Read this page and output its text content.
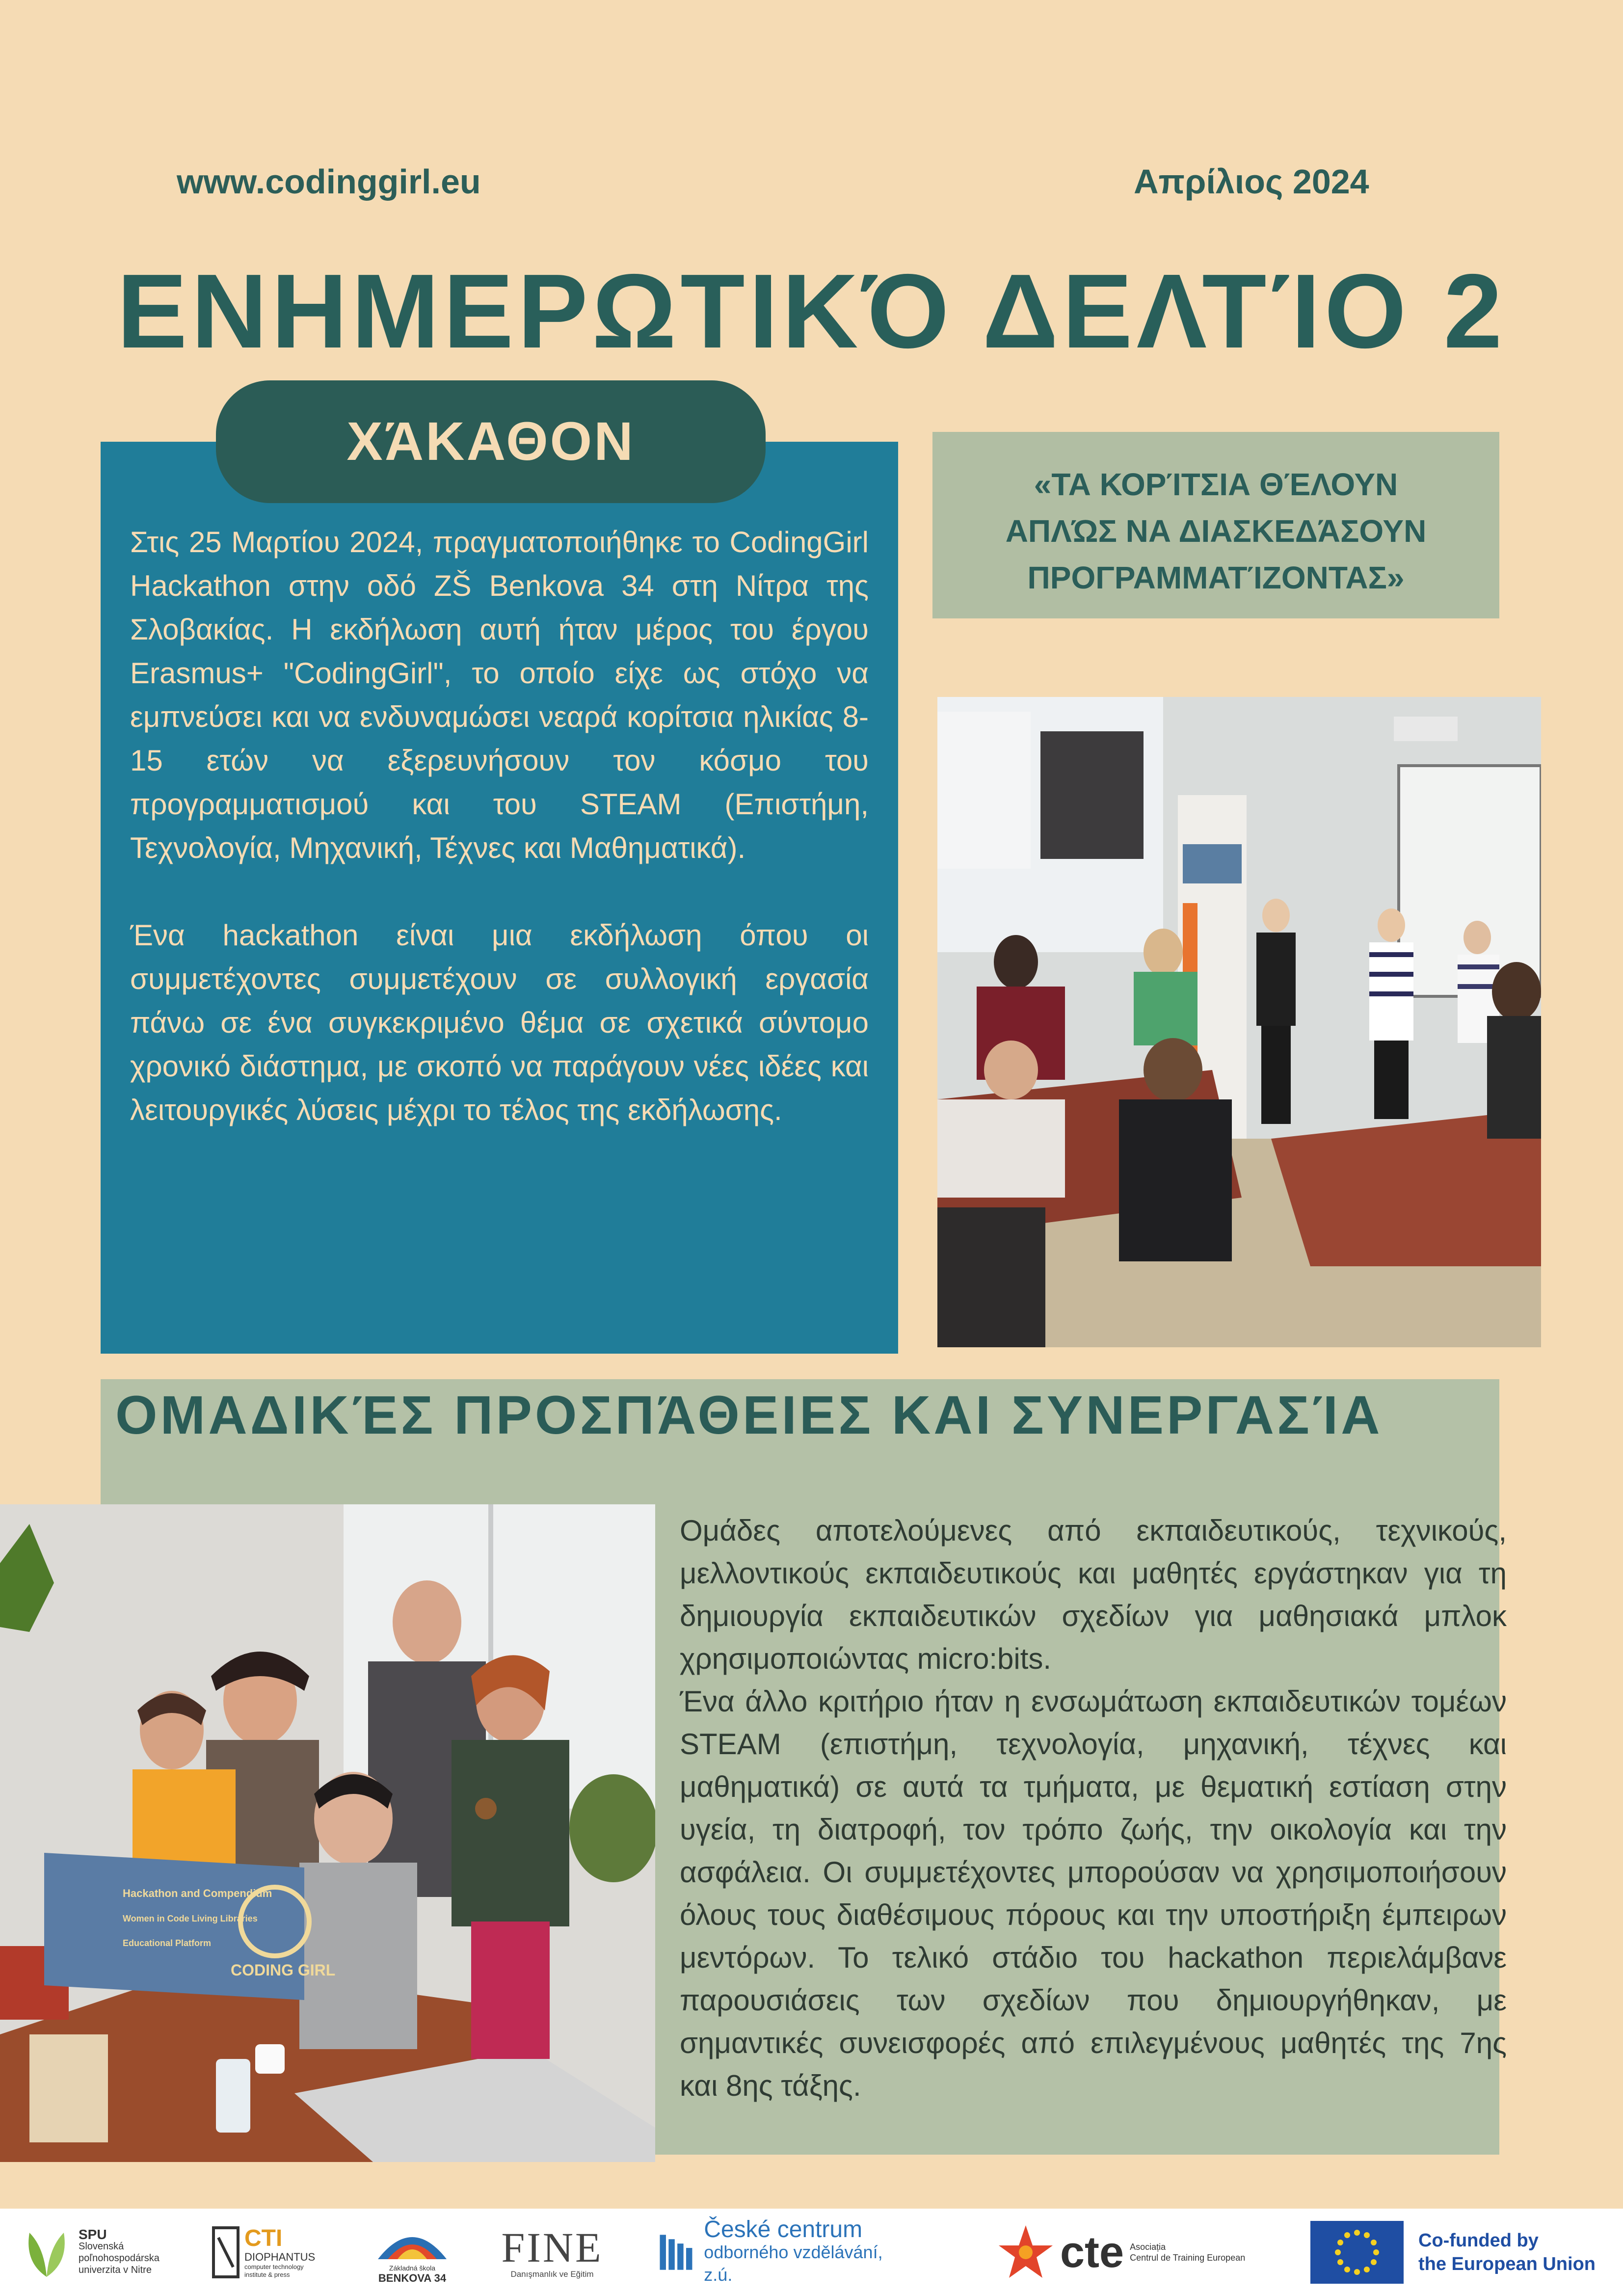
www.codinggirl.eu	Απρίλιος 2024
ΕΝΗΜΕΡΩΤΙΚΌ ΔΕΛΤΊΟ 2
ΧΆΚΑΘΟΝ

Στις 25 Μαρτίου 2024, πραγματοποιήθηκε το CodingGirl Hackathon στην οδό ZŠ Benkova 34 στη Νίτρα της Σλοβακίας. Η εκδήλωση αυτή ήταν μέρος του έργου Erasmus+ "CodingGirl", το οποίο είχε ως στόχο να εμπνεύσει και να ενδυναμώσει νεαρά κορίτσια ηλικίας 8-15 ετών να εξερευνήσουν τον κόσμο του προγραμματισμού και του STEAM (Επιστήμη, Τεχνολογία, Μηχανική, Τέχνες και Μαθηματικά).

Ένα hackathon είναι μια εκδήλωση όπου οι συμμετέχοντες συμμετέχουν σε συλλογική εργασία πάνω σε ένα συγκεκριμένο θέμα σε σχετικά σύντομο χρονικό διάστημα, με σκοπό να παράγουν νέες ιδέες και λειτουργικές λύσεις μέχρι το τέλος της εκδήλωσης.

«ΤΑ ΚΟΡΊΤΣΙΑ ΘΈΛΟΥΝ
ΑΠΛΏΣ ΝΑ ΔΙΑΣΚΕΔΆΣΟΥΝ
ΠΡΟΓΡΑΜΜΑΤΊΖΟΝΤΑΣ»
ΟΜΑΔΙΚΈΣ ΠΡΟΣΠΆΘΕΙΕΣ ΚΑΙ ΣΥΝΕΡΓΑΣΊΑ
Hackathon and Compendium
Women in Code Living Libraries
Educational Platform
CODING GIRL
Ομάδες αποτελούμενες από εκπαιδευτικούς, τεχνικούς, μελλοντικούς εκπαιδευτικούς και μαθητές εργάστηκαν για τη δημιουργία εκπαιδευτικών σχεδίων για μαθησιακά μπλοκ χρησιμοποιώντας micro:bits.
Ένα άλλο κριτήριο ήταν η ενσωμάτωση εκπαιδευτικών τομέων STEAM (επιστήμη, τεχνολογία, μηχανική, τέχνες και μαθηματικά) σε αυτά τα τμήματα, με θεματική εστίαση στην υγεία, τη διατροφή, τον τρόπο ζωής, την οικολογία και την ασφάλεια. Οι συμμετέχοντες μπορούσαν να χρησιμοποιήσουν όλους τους διαθέσιμους πόρους και την υποστήριξη έμπειρων μεντόρων. Το τελικό στάδιο του hackathon περιελάμβανε παρουσιάσεις των σχεδίων που δημιουργήθηκαν, με σημαντικές συνεισφορές από επιλεγμένους μαθητές της 7ης και 8ης τάξης.
SPU
Slovenská
poľnohospodárska
univerzita v Nitre
CTI
DIOPHANTUS
computer technology
institute & press
Základná škola
BENKOVA 34
FINE
Danışmanlık ve Eğitim
České centrum
odborného vzdělávání, z.ú.	cte Asociația
Centrul de Training European
Co-funded by
the European Union
